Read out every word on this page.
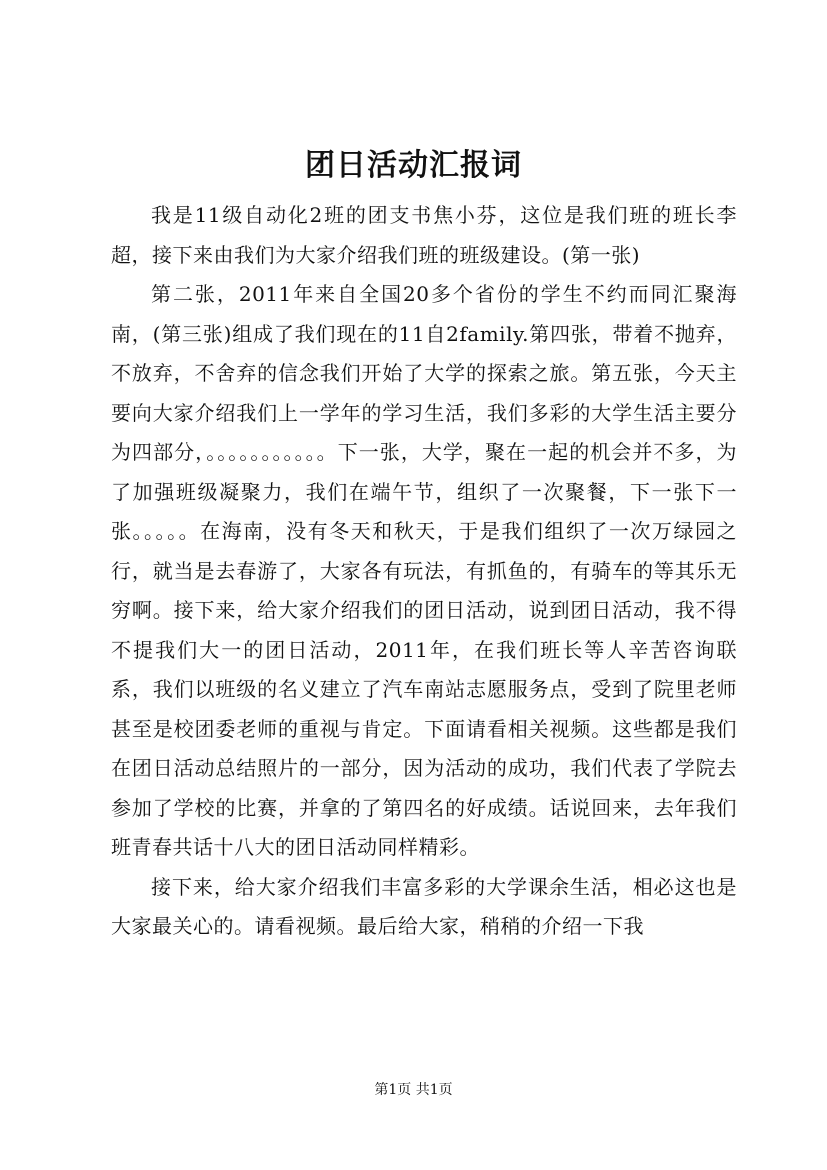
团日活动汇报词

我是11级自动化2班的团支书焦小芬，这位是我们班的班长李超，接下来由我们为大家介绍我们班的班级建设。(第一张)

第二张，2011年来自全国20多个省份的学生不约而同汇聚海南，(第三张)组成了我们现在的11自2family.第四张，带着不抛弃，不放弃，不舍弃的信念我们开始了大学的探索之旅。第五张，今天主要向大家介绍我们上一学年的学习生活，我们多彩的大学生活主要分为四部分，。。。。。。。。。。。下一张，大学，聚在一起的机会并不多，为了加强班级凝聚力，我们在端午节，组织了一次聚餐，下一张下一张。。。。。在海南，没有冬天和秋天，于是我们组织了一次万绿园之行，就当是去春游了，大家各有玩法，有抓鱼的，有骑车的等其乐无穷啊。接下来，给大家介绍我们的团日活动，说到团日活动，我不得不提我们大一的团日活动，2011年，在我们班长等人辛苦咨询联系，我们以班级的名义建立了汽车南站志愿服务点，受到了院里老师甚至是校团委老师的重视与肯定。下面请看相关视频。这些都是我们在团日活动总结照片的一部分，因为活动的成功，我们代表了学院去参加了学校的比赛，并拿的了第四名的好成绩。话说回来，去年我们班青春共话十八大的团日活动同样精彩。

接下来，给大家介绍我们丰富多彩的大学课余生活，相必这也是大家最关心的。请看视频。最后给大家，稍稍的介绍一下我

第1页 共1页
